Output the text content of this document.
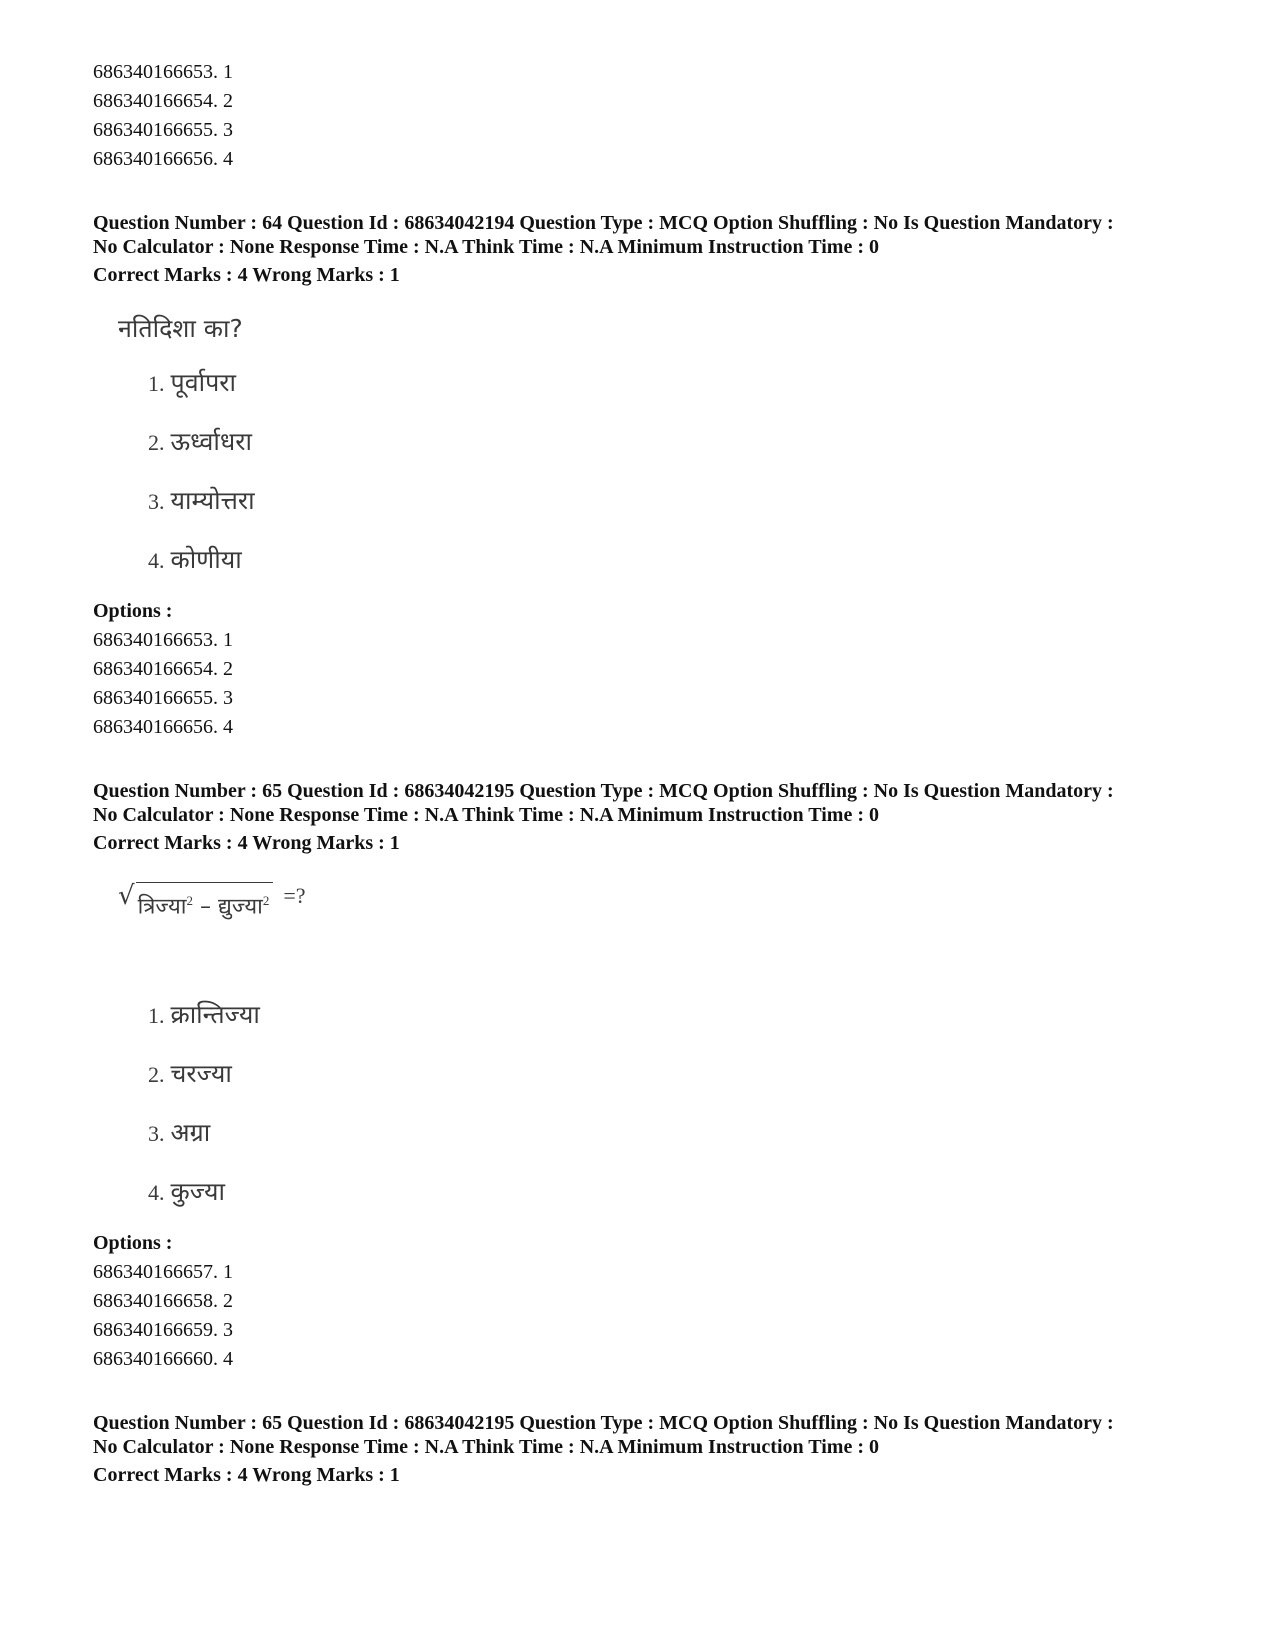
686340166653. 1
686340166654. 2
686340166655. 3
686340166656. 4
Question Number : 64 Question Id : 68634042194 Question Type : MCQ Option Shuffling : No Is Question Mandatory :
No Calculator : None Response Time : N.A Think Time : N.A Minimum Instruction Time : 0
Correct Marks : 4 Wrong Marks : 1
नतिदिशा का?
1. पूर्वापरा
2. ऊर्ध्वाधरा
3. याम्योत्तरा
4. कोणीया
Options :
686340166653. 1
686340166654. 2
686340166655. 3
686340166656. 4
Question Number : 65 Question Id : 68634042195 Question Type : MCQ Option Shuffling : No Is Question Mandatory :
No Calculator : None Response Time : N.A Think Time : N.A Minimum Instruction Time : 0
Correct Marks : 4 Wrong Marks : 1
√ त्रिज्या$^2$ – द्युज्या$^2$ =?
1. क्रान्तिज्या
2. चरज्या
3. अग्रा
4. कुज्या
Options :
686340166657. 1
686340166658. 2
686340166659. 3
686340166660. 4
Question Number : 65 Question Id : 68634042195 Question Type : MCQ Option Shuffling : No Is Question Mandatory :
No Calculator : None Response Time : N.A Think Time : N.A Minimum Instruction Time : 0
Correct Marks : 4 Wrong Marks : 1
